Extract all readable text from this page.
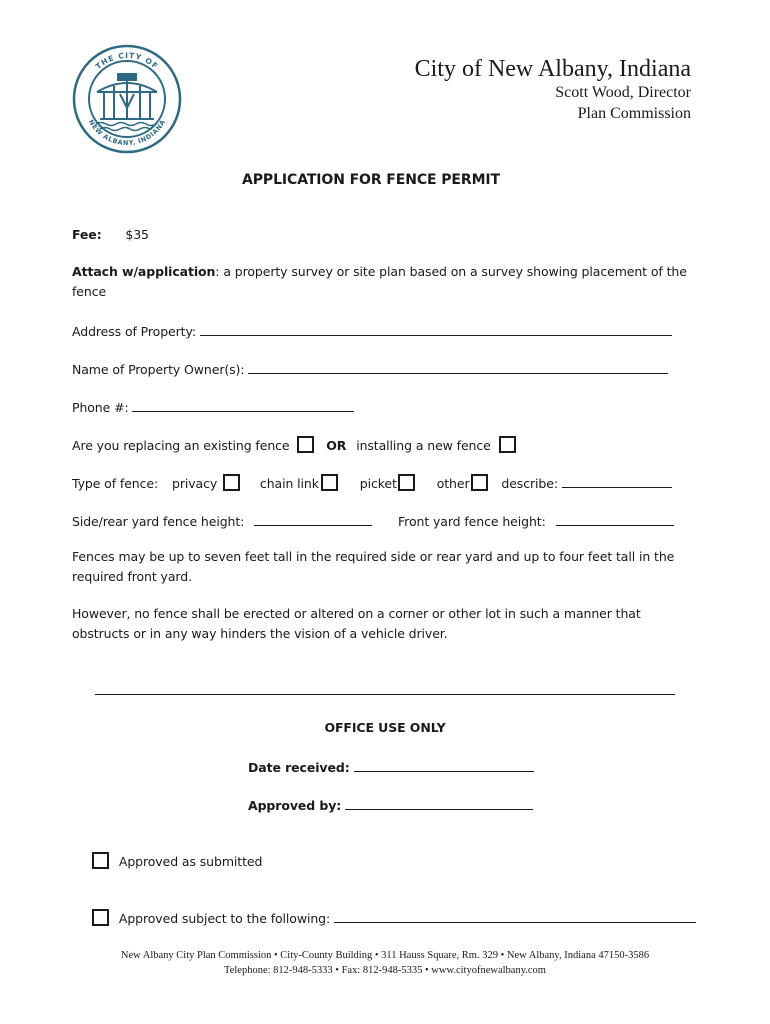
THE CITY OF
NEW ALBANY, INDIANA
City of New Albany, Indiana
Scott Wood, Director
Plan Commission
APPLICATION FOR FENCE PERMIT
Fee: $35
Attach w/application: a property survey or site plan based on a survey showing placement of the
fence
Address of Property:
Name of Property Owner(s):
Phone #:
Are you replacing an existing fence	OR installing a new fence
Type of fence: privacy	chain link	picket	other	describe:
Side/rear yard fence height:	Front yard fence height:
Fences may be up to seven feet tall in the required side or rear yard and up to four feet tall in the
required front yard.
However, no fence shall be erected or altered on a corner or other lot in such a manner that
obstructs or in any way hinders the vision of a vehicle driver.
OFFICE USE ONLY
Date received:
Approved by:
Approved as submitted
Approved subject to the following:
New Albany City Plan Commission • City-County Building • 311 Hauss Square, Rm. 329 • New Albany, Indiana 47150-3586
Telephone: 812-948-5333 • Fax: 812-948-5335 • www.cityofnewalbany.com
